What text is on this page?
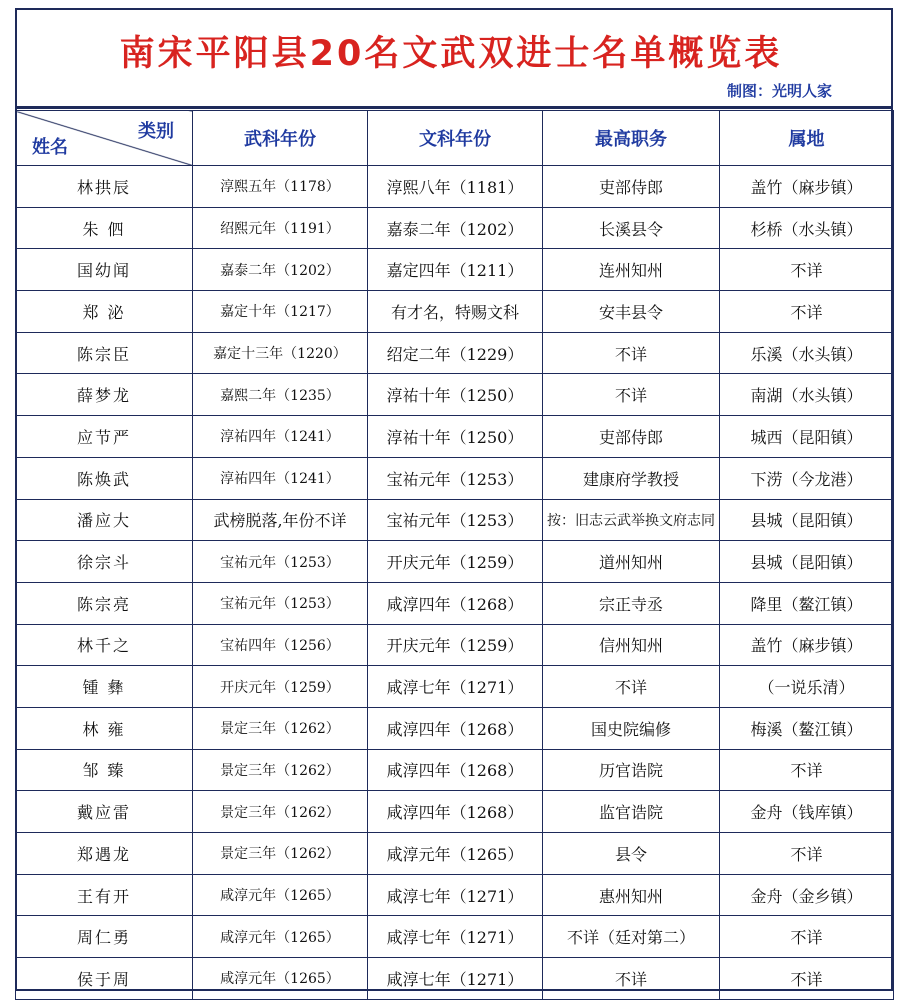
南宋平阳县20名文武双进士名单概览表
制图：光明人家
类别
姓名	武科年份	文科年份	最高职务	属地
林拱辰	淳熙五年（1178）	淳熙八年（1181）	吏部侍郎	盖竹（麻步镇）
朱 伵	绍熙元年（1191）	嘉泰二年（1202）	长溪县令	杉桥（水头镇）
国幼闻	嘉泰二年（1202）	嘉定四年（1211）	连州知州	不详
郑 泌	嘉定十年（1217）	有才名，特赐文科	安丰县令	不详
陈宗臣	嘉定十三年（1220）	绍定二年（1229）	不详	乐溪（水头镇）
薛梦龙	嘉熙二年（1235）	淳祐十年（1250）	不详	南湖（水头镇）
应节严	淳祐四年（1241）	淳祐十年（1250）	吏部侍郎	城西（昆阳镇）
陈焕武	淳祐四年（1241）	宝祐元年（1253）	建康府学教授	下涝（今龙港）
潘应大	武榜脱落,年份不详	宝祐元年（1253）	按：旧志云武举换文府志同	县城（昆阳镇）
徐宗斗	宝祐元年（1253）	开庆元年（1259）	道州知州	县城（昆阳镇）
陈宗亮	宝祐元年（1253）	咸淳四年（1268）	宗正寺丞	降里（鳌江镇）
林千之	宝祐四年（1256）	开庆元年（1259）	信州知州	盖竹（麻步镇）
锺 彝	开庆元年（1259）	咸淳七年（1271）	不详	（一说乐清）
林 雍	景定三年（1262）	咸淳四年（1268）	国史院编修	梅溪（鳌江镇）
邹 臻	景定三年（1262）	咸淳四年（1268）	历官诰院	不详
戴应雷	景定三年（1262）	咸淳四年（1268）	监官诰院	金舟（钱库镇）
郑遇龙	景定三年（1262）	咸淳元年（1265）	县令	不详
王有开	咸淳元年（1265）	咸淳七年（1271）	惠州知州	金舟（金乡镇）
周仁勇	咸淳元年（1265）	咸淳七年（1271）	不详（廷对第二）	不详
侯于周	咸淳元年（1265）	咸淳七年（1271）	不详	不详
